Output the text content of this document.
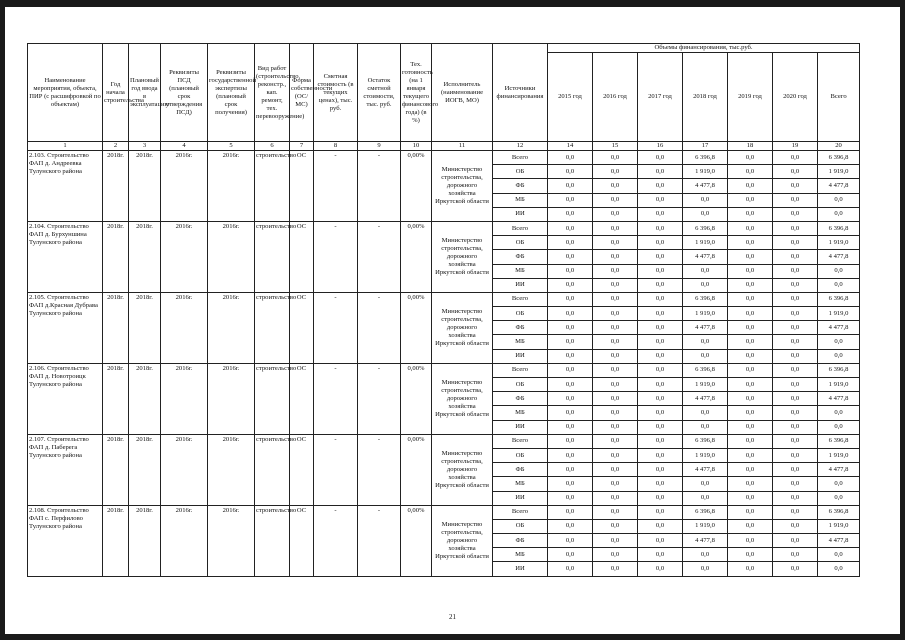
Наименование мероприятия, объекта, ПИР (с расшифровкой по объектам)	Год начала строительства	Плановый год ввода в эксплуатацию	Реквизиты ПСД (плановый срок утверждения ПСД)	Реквизиты государственной экспертизы (плановый срок получения)	Вид работ (строительство, реконстр., кап. ремонт, тех. перевооружение)	Форма собственности (ОС/МС)	Сметная стоимость (в текущих ценах), тыс. руб.	Остаток сметной стоимости, тыс. руб.	Тех. готовность (на 1 января текущего финансового года) (в %)	Исполнитель (наименование ИОГВ, МО)	Источники финансирования	Объемы финансирования, тыс.руб.						
												2015 год	2016 год	2017 год	2018 год	2019 год	2020 год	Всего
1	2	3	4	5	6	7	8	9	10	11	12	14	15	16	17	18	19	20
2.103. Строительство ФАП д. Андреевка Тулунского района	2018г.	2018г.	2016г.	2016г.	строительство	ОС	-	-	0,00%	Министерство строительства, дорожного хозяйства Иркутской области	Всего	0,0	0,0	0,0	6 396,8	0,0	0,0	6 396,8
											ОБ	0,0	0,0	0,0	1 919,0	0,0	0,0	1 919,0
											ФБ	0,0	0,0	0,0	4 477,8	0,0	0,0	4 477,8
											МБ	0,0	0,0	0,0	0,0	0,0	0,0	0,0
											ИИ	0,0	0,0	0,0	0,0	0,0	0,0	0,0
2.104. Строительство ФАП д. Бурхуншина Тулунского района	2018г.	2018г.	2016г.	2016г.	строительство	ОС	-	-	0,00%	Министерство строительства, дорожного хозяйства Иркутской области	Всего	0,0	0,0	0,0	6 396,8	0,0	0,0	6 396,8
											ОБ	0,0	0,0	0,0	1 919,0	0,0	0,0	1 919,0
											ФБ	0,0	0,0	0,0	4 477,8	0,0	0,0	4 477,8
											МБ	0,0	0,0	0,0	0,0	0,0	0,0	0,0
											ИИ	0,0	0,0	0,0	0,0	0,0	0,0	0,0
2.105. Строительство ФАП д.Красная Дубрава Тулунского района	2018г.	2018г.	2016г.	2016г.	строительство	ОС	-	-	0,00%	Министерство строительства, дорожного хозяйства Иркутской области	Всего	0,0	0,0	0,0	6 396,8	0,0	0,0	6 396,8
											ОБ	0,0	0,0	0,0	1 919,0	0,0	0,0	1 919,0
											ФБ	0,0	0,0	0,0	4 477,8	0,0	0,0	4 477,8
											МБ	0,0	0,0	0,0	0,0	0,0	0,0	0,0
											ИИ	0,0	0,0	0,0	0,0	0,0	0,0	0,0
2.106. Строительство ФАП д. Новотроицк Тулунского района	2018г.	2018г.	2016г.	2016г.	строительство	ОС	-	-	0,00%	Министерство строительства, дорожного хозяйства Иркутской области	Всего	0,0	0,0	0,0	6 396,8	0,0	0,0	6 396,8
											ОБ	0,0	0,0	0,0	1 919,0	0,0	0,0	1 919,0
											ФБ	0,0	0,0	0,0	4 477,8	0,0	0,0	4 477,8
											МБ	0,0	0,0	0,0	0,0	0,0	0,0	0,0
											ИИ	0,0	0,0	0,0	0,0	0,0	0,0	0,0
2.107. Строительство ФАП д. Паберега Тулунского района	2018г.	2018г.	2016г.	2016г.	строительство	ОС	-	-	0,00%	Министерство строительства, дорожного хозяйства Иркутской области	Всего	0,0	0,0	0,0	6 396,8	0,0	0,0	6 396,8
											ОБ	0,0	0,0	0,0	1 919,0	0,0	0,0	1 919,0
											ФБ	0,0	0,0	0,0	4 477,8	0,0	0,0	4 477,8
											МБ	0,0	0,0	0,0	0,0	0,0	0,0	0,0
											ИИ	0,0	0,0	0,0	0,0	0,0	0,0	0,0
2.108. Строительство ФАП с. Перфилово Тулунского района	2018г.	2018г.	2016г.	2016г.	строительство	ОС	-	-	0,00%	Министерство строительства, дорожного хозяйства Иркутской области	Всего	0,0	0,0	0,0	6 396,8	0,0	0,0	6 396,8
											ОБ	0,0	0,0	0,0	1 919,0	0,0	0,0	1 919,0
											ФБ	0,0	0,0	0,0	4 477,8	0,0	0,0	4 477,8
											МБ	0,0	0,0	0,0	0,0	0,0	0,0	0,0
											ИИ	0,0	0,0	0,0	0,0	0,0	0,0	0,0
21
